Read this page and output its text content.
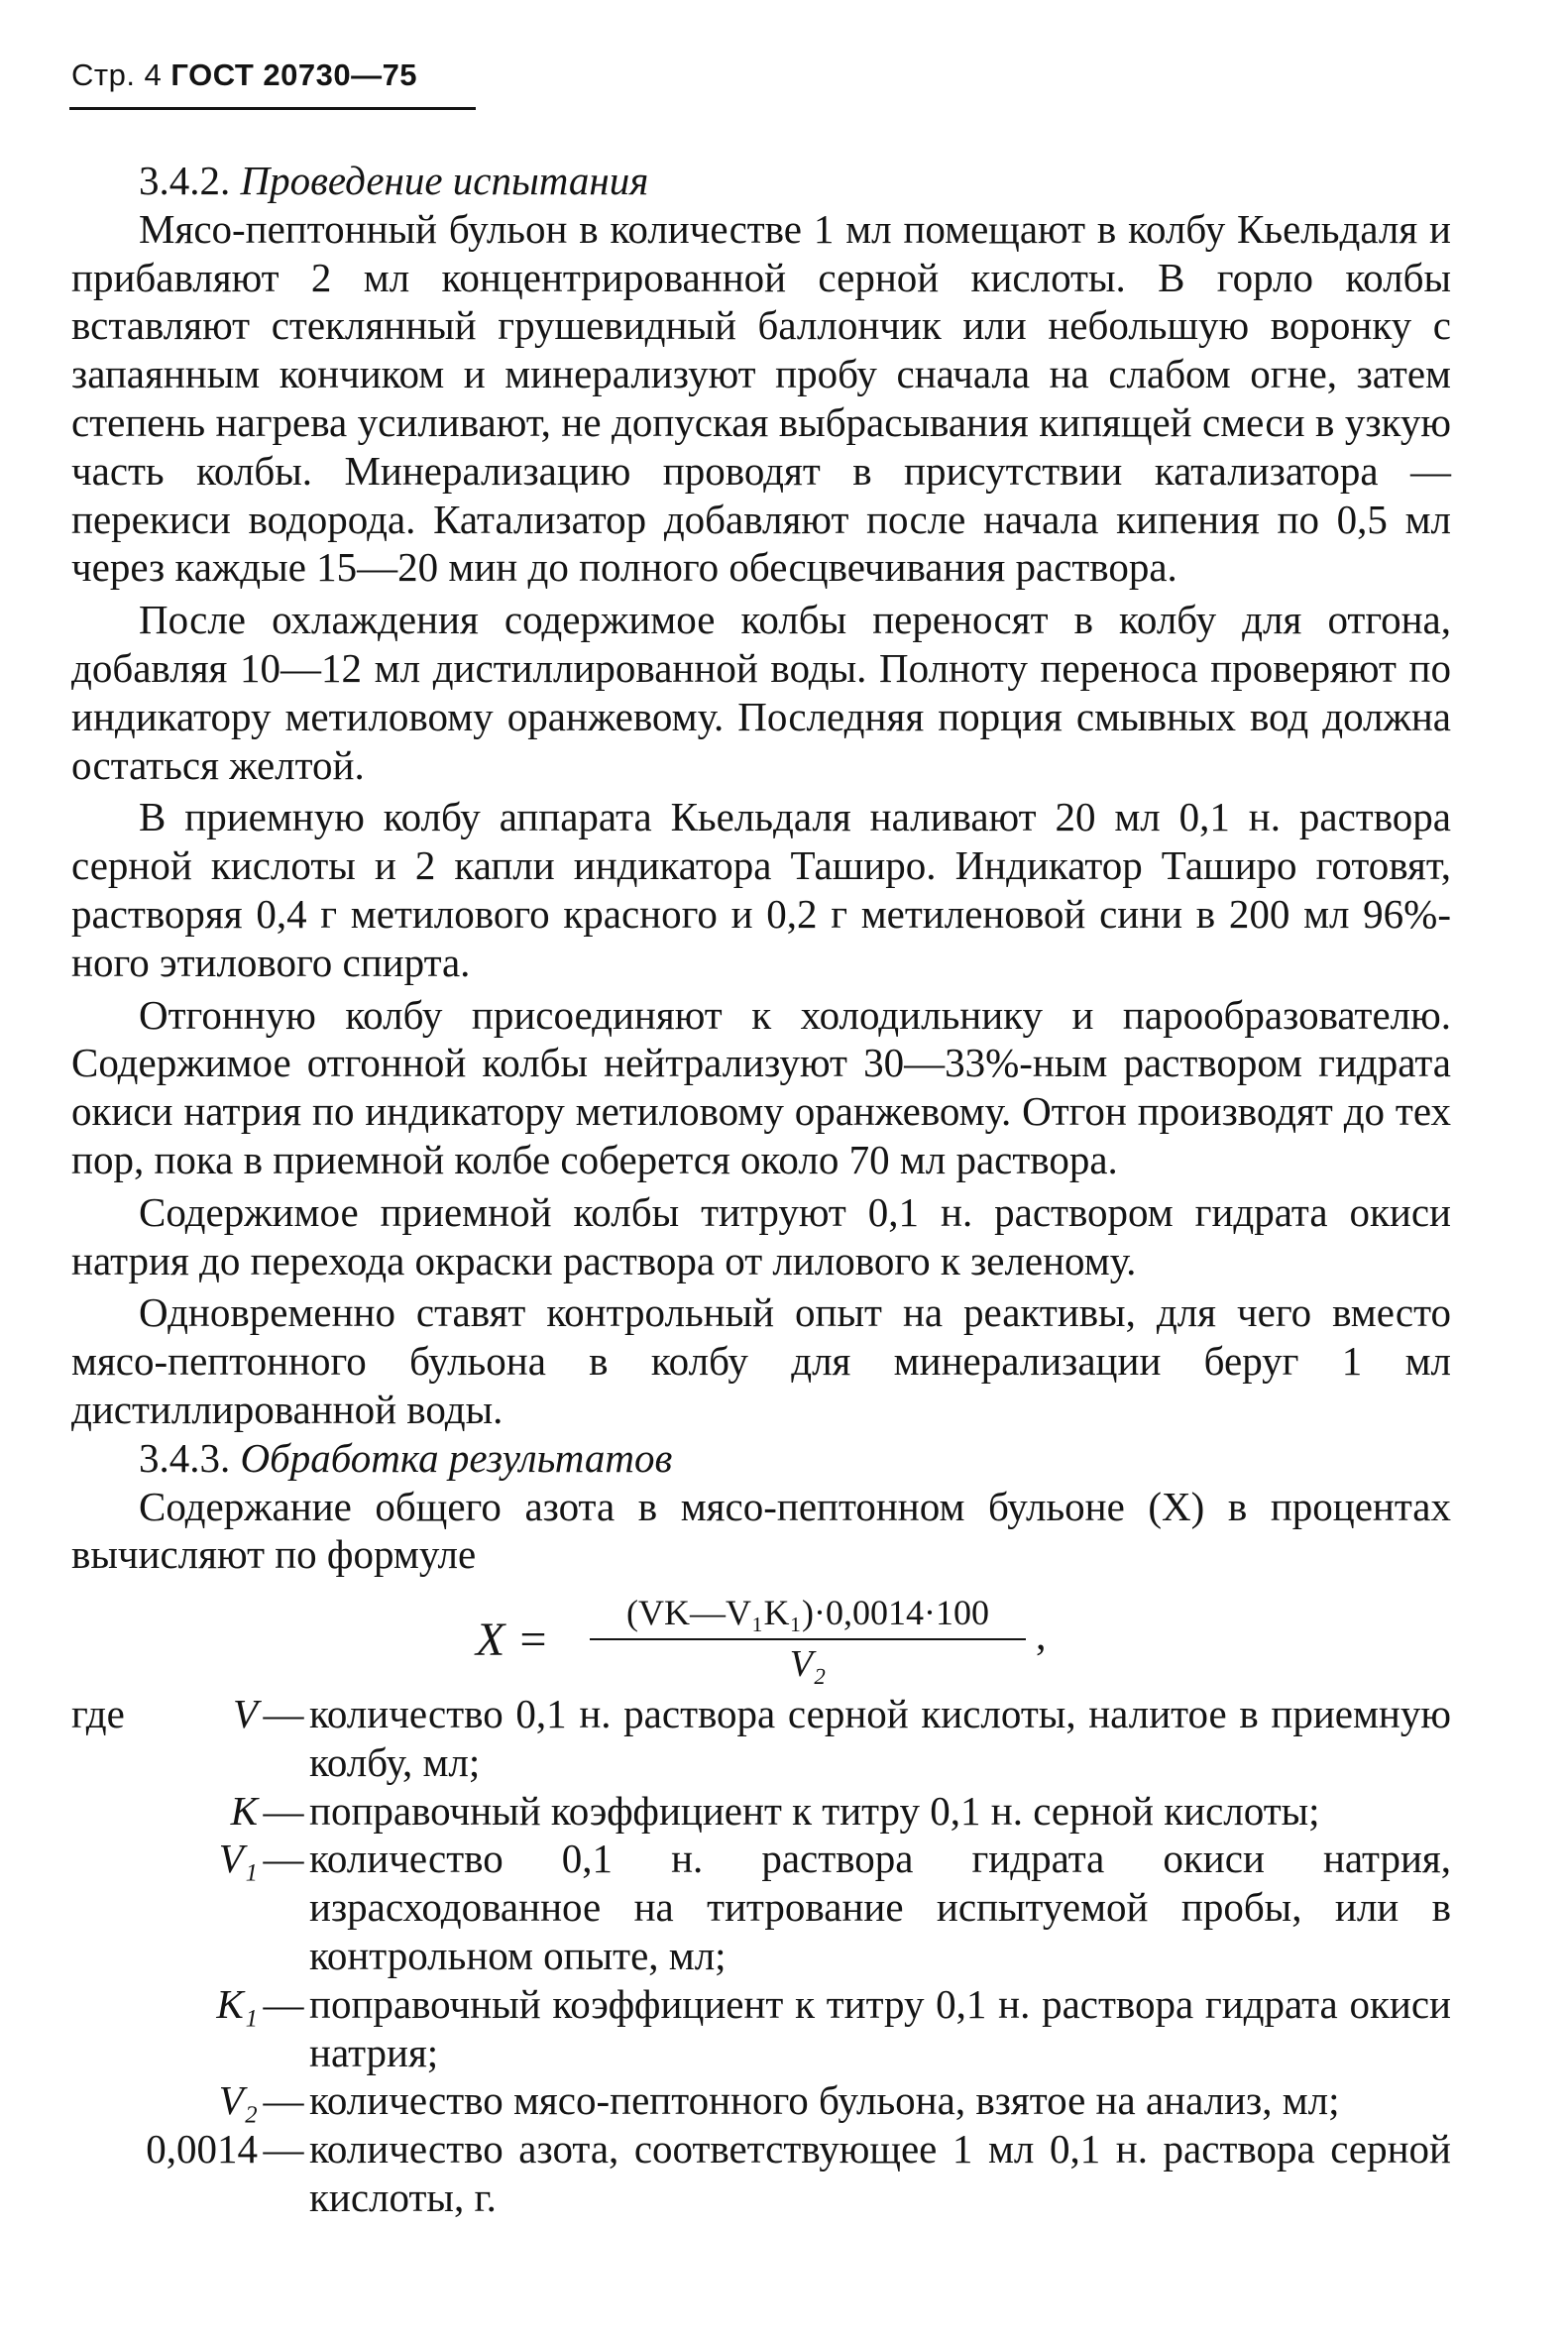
Стр. 4 ГОСТ 20730—75

3.4.2. Проведение испытания

Мясо-пептонный бульон в количестве 1 мл помещают в колбу Кьельдаля и прибавляют 2 мл концентрированной серной кислоты. В горло колбы вставляют стеклянный грушевидный баллончик или небольшую воронку с запаянным кончиком и минерализуют пробу сначала на слабом огне, затем степень нагрева усиливают, не допуская выбрасывания кипящей смеси в узкую часть колбы. Минерализацию проводят в присутствии катализатора — перекиси водорода. Катализатор добавляют после начала кипения по 0,5 мл через каждые 15—20 мин до полного обесцвечивания раствора.

После охлаждения содержимое колбы переносят в колбу для отгона, добавляя 10—12 мл дистиллированной воды. Полноту переноса проверяют по индикатору метиловому оранжевому. Последняя порция смывных вод должна остаться желтой.

В приемную колбу аппарата Кьельдаля наливают 20 мл 0,1 н. раствора серной кислоты и 2 капли индикатора Таширо. Индикатор Таширо готовят, растворяя 0,4 г метилового красного и 0,2 г метиленовой сини в 200 мл 96%-ного этилового спирта.

Отгонную колбу присоединяют к холодильнику и парообразователю. Содержимое отгонной колбы нейтрализуют 30—33%-ным раствором гидрата окиси натрия по индикатору метиловому оранжевому. Отгон производят до тех пор, пока в приемной колбе соберется около 70 мл раствора.

Содержимое приемной колбы титруют 0,1 н. раствором гидрата окиси натрия до перехода окраски раствора от лилового к зеленому.

Одновременно ставят контрольный опыт на реактивы, для чего вместо мясо-пептонного бульона в колбу для минерализации беруг 1 мл дистиллированной воды.

3.4.3. Обработка результатов

Содержание общего азота в мясо-пептонном бульоне (X) в процентах вычисляют по формуле

X =
(VK—V₁K₁)·0,0014·100
V₂
,
где	V — количество 0,1 н. раствора серной кислоты, налитое в приемную колбу, мл;
K — поправочный коэффициент к титру 0,1 н. серной кислоты;
V₁ — количество 0,1 н. раствора гидрата окиси натрия, израсходованное на титрование испытуемой пробы, или в контрольном опыте, мл;
K₁ — поправочный коэффициент к титру 0,1 н. раствора гидрата окиси натрия;
V₂ — количество мясо-пептонного бульона, взятое на анализ, мл;
0,0014 — количество азота, соответствующее 1 мл 0,1 н. раствора серной кислоты, г.
